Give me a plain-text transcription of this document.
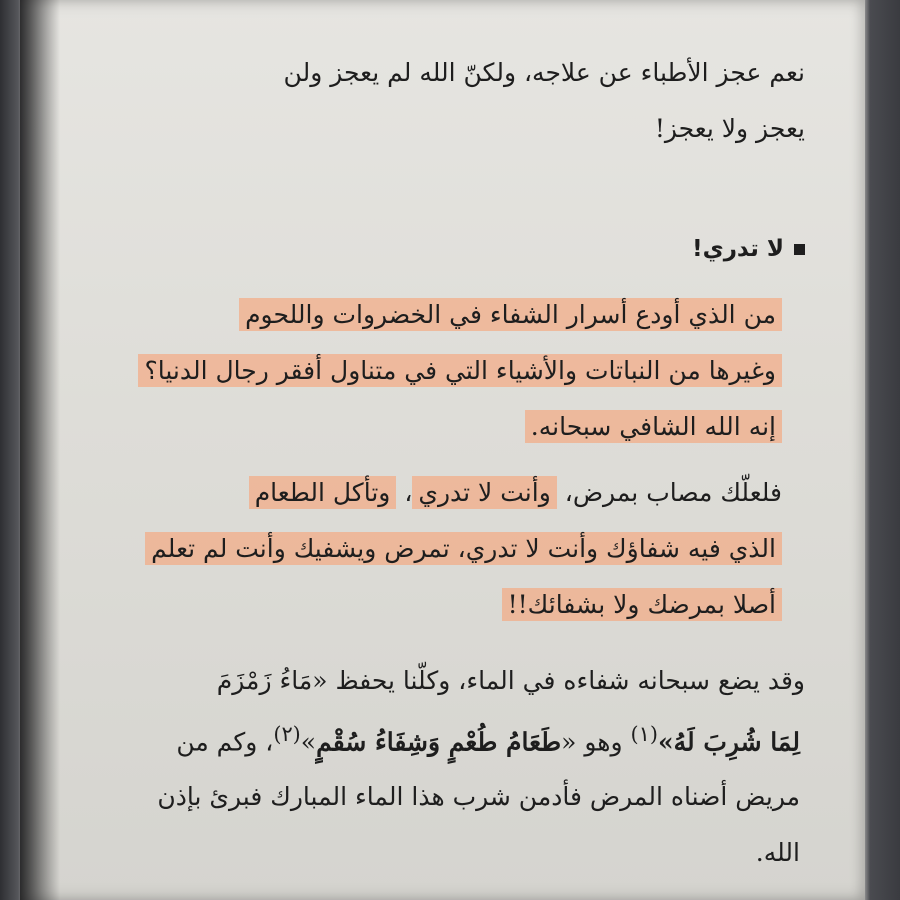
نعم عجز الأطباء عن علاجه، ولكنّ الله لم يعجز ولن
يعجز ولا يعجز!
لا تدري!
من الذي أودع أسرار الشفاء في الخضروات واللحوم
وغيرها من النباتات والأشياء التي في متناول أفقر رجال الدنيا؟
إنه الله الشافي سبحانه.
فلعلّك مصاب بمرض، وأنت لا تدري، وتأكل الطعام
الذي فيه شفاؤك وأنت لا تدري، تمرض ويشفيك وأنت لم تعلم
أصلا بمرضك ولا بشفائك!!
وقد يضع سبحانه شفاءه في الماء، وكلّنا يحفظ «مَاءُ زَمْزَمَ
لِمَا شُرِبَ لَهُ»$^{(١)}$ وهو «طَعَامُ طُعْمٍ وَشِفَاءُ سُقْمٍ»$^{(٢)}$، وكم من
مريض أضناه المرض فأدمن شرب هذا الماء المبارك فبرئ بإذن
الله.
